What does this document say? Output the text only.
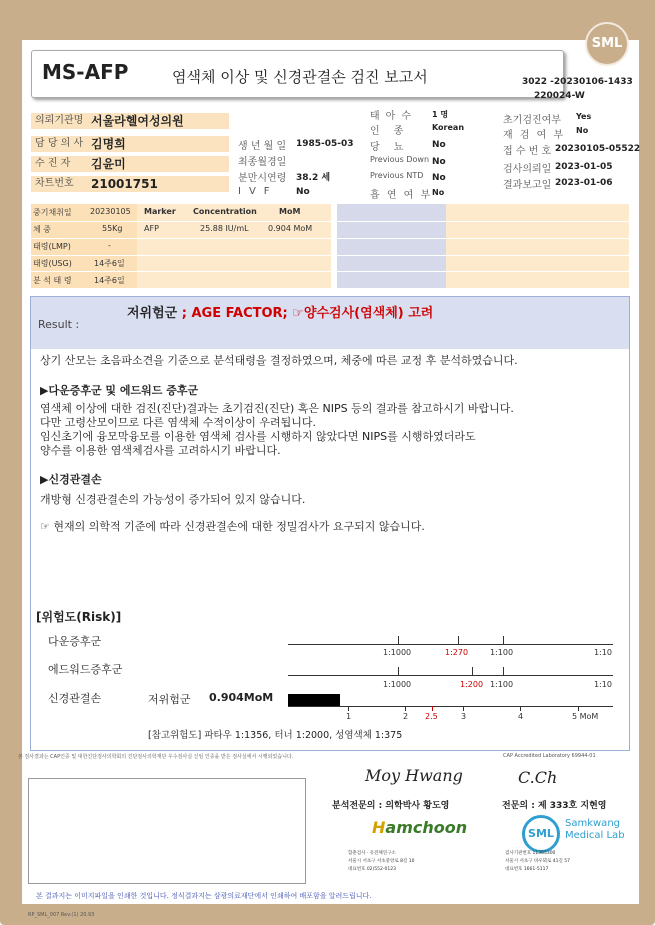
SML
MS-AFP	염색체 이상 및 신경관결손 검진 보고서	3022 -20230106-1433
220024-W
의뢰기관명 서울라헬여성의원
담 당 의 사 김명희
수 진 자 김윤미
차트번호 21001751
생 년 월 일 1985-05-03
최종월경일
분만시연령 38.2 세
IVF No
태아수 1 명
인종 Korean
당뇨 No
Previous Down No
Previous NTD No
흡 연 여 부 No
초기검진여부 Yes
재 검 여 부 No
접 수 번 호 20230105-05522
검사의뢰일 2023-01-05
결과보고일 2023-01-06
중기채취일 20230105
체 중	55Kg
태령(LMP)	-
태령(USG)	14주6일
분 석 태 령	14주6일
Marker Concentration	MoM
AFP	25.88 IU/mL 0.904 MoM
Result :
저위험군 ; AGE FACTOR; ☞양수검사(염색체) 고려
상기 산모는 초음파소견을 기준으로 분석태령을 결정하였으며, 체중에 따른 교정 후 분석하였습니다.
▶다운증후군 및 에드워드 증후군
염색체 이상에 대한 검진(진단)결과는 초기검진(진단) 혹은 NIPS 등의 결과를 참고하시기 바랍니다.
다만 고령산모이므로 다른 염색체 수적이상이 우려됩니다.
임신초기에 융모막융모를 이용한 염색체 검사를 시행하지 않았다면 NIPS를 시행하였더라도
양수를 이용한 염색체검사를 고려하시기 바랍니다.
▶신경관결손
개방형 신경관결손의 가능성이 증가되어 있지 않습니다.
☞ 현재의 의학적 기준에 따라 신경관결손에 대한 정밀검사가 요구되지 않습니다.
[위험도(Risk)]
다운증후군
에드워드증후군
신경관결손
1:1000	1:270	1:100	1:10
1:1000	1:200 1:100	1:10
저위험군 0.904MoM
1	2 2.5	3	4	5 MoM
[참고위험도] 파타우 1:1356, 터너 1:2000, 성염색체 1:375
본 검사결과는 CAP인증 및 대한진단검사의학회의 진단검사의학재단 우수검사실 신임 인증을 받은 검사실에서 시행되었습니다.	CAP Accredited Laboratory 69944-01
Moy Hwang	C.Ch
분석전문의 : 의학박사 황도영	전문의 : 제 333호 지현영
Hamchoon	SML
Samkwang
Medical Lab
함춘검사 · 유전체연구소
서울시 서초구 서초중앙로 8길 10
대표번호 02)552-0123
검사기관번호 11365300
서울시 서초구 바우뫼로 41길 57
대표번호 1661-5117
본 결과지는 이미지파일을 인쇄한 것입니다. 정식결과지는 삼광의료재단에서 인쇄하여 배포함을 알려드립니다.
RP_SML_007 Rev.(1) 20.93
